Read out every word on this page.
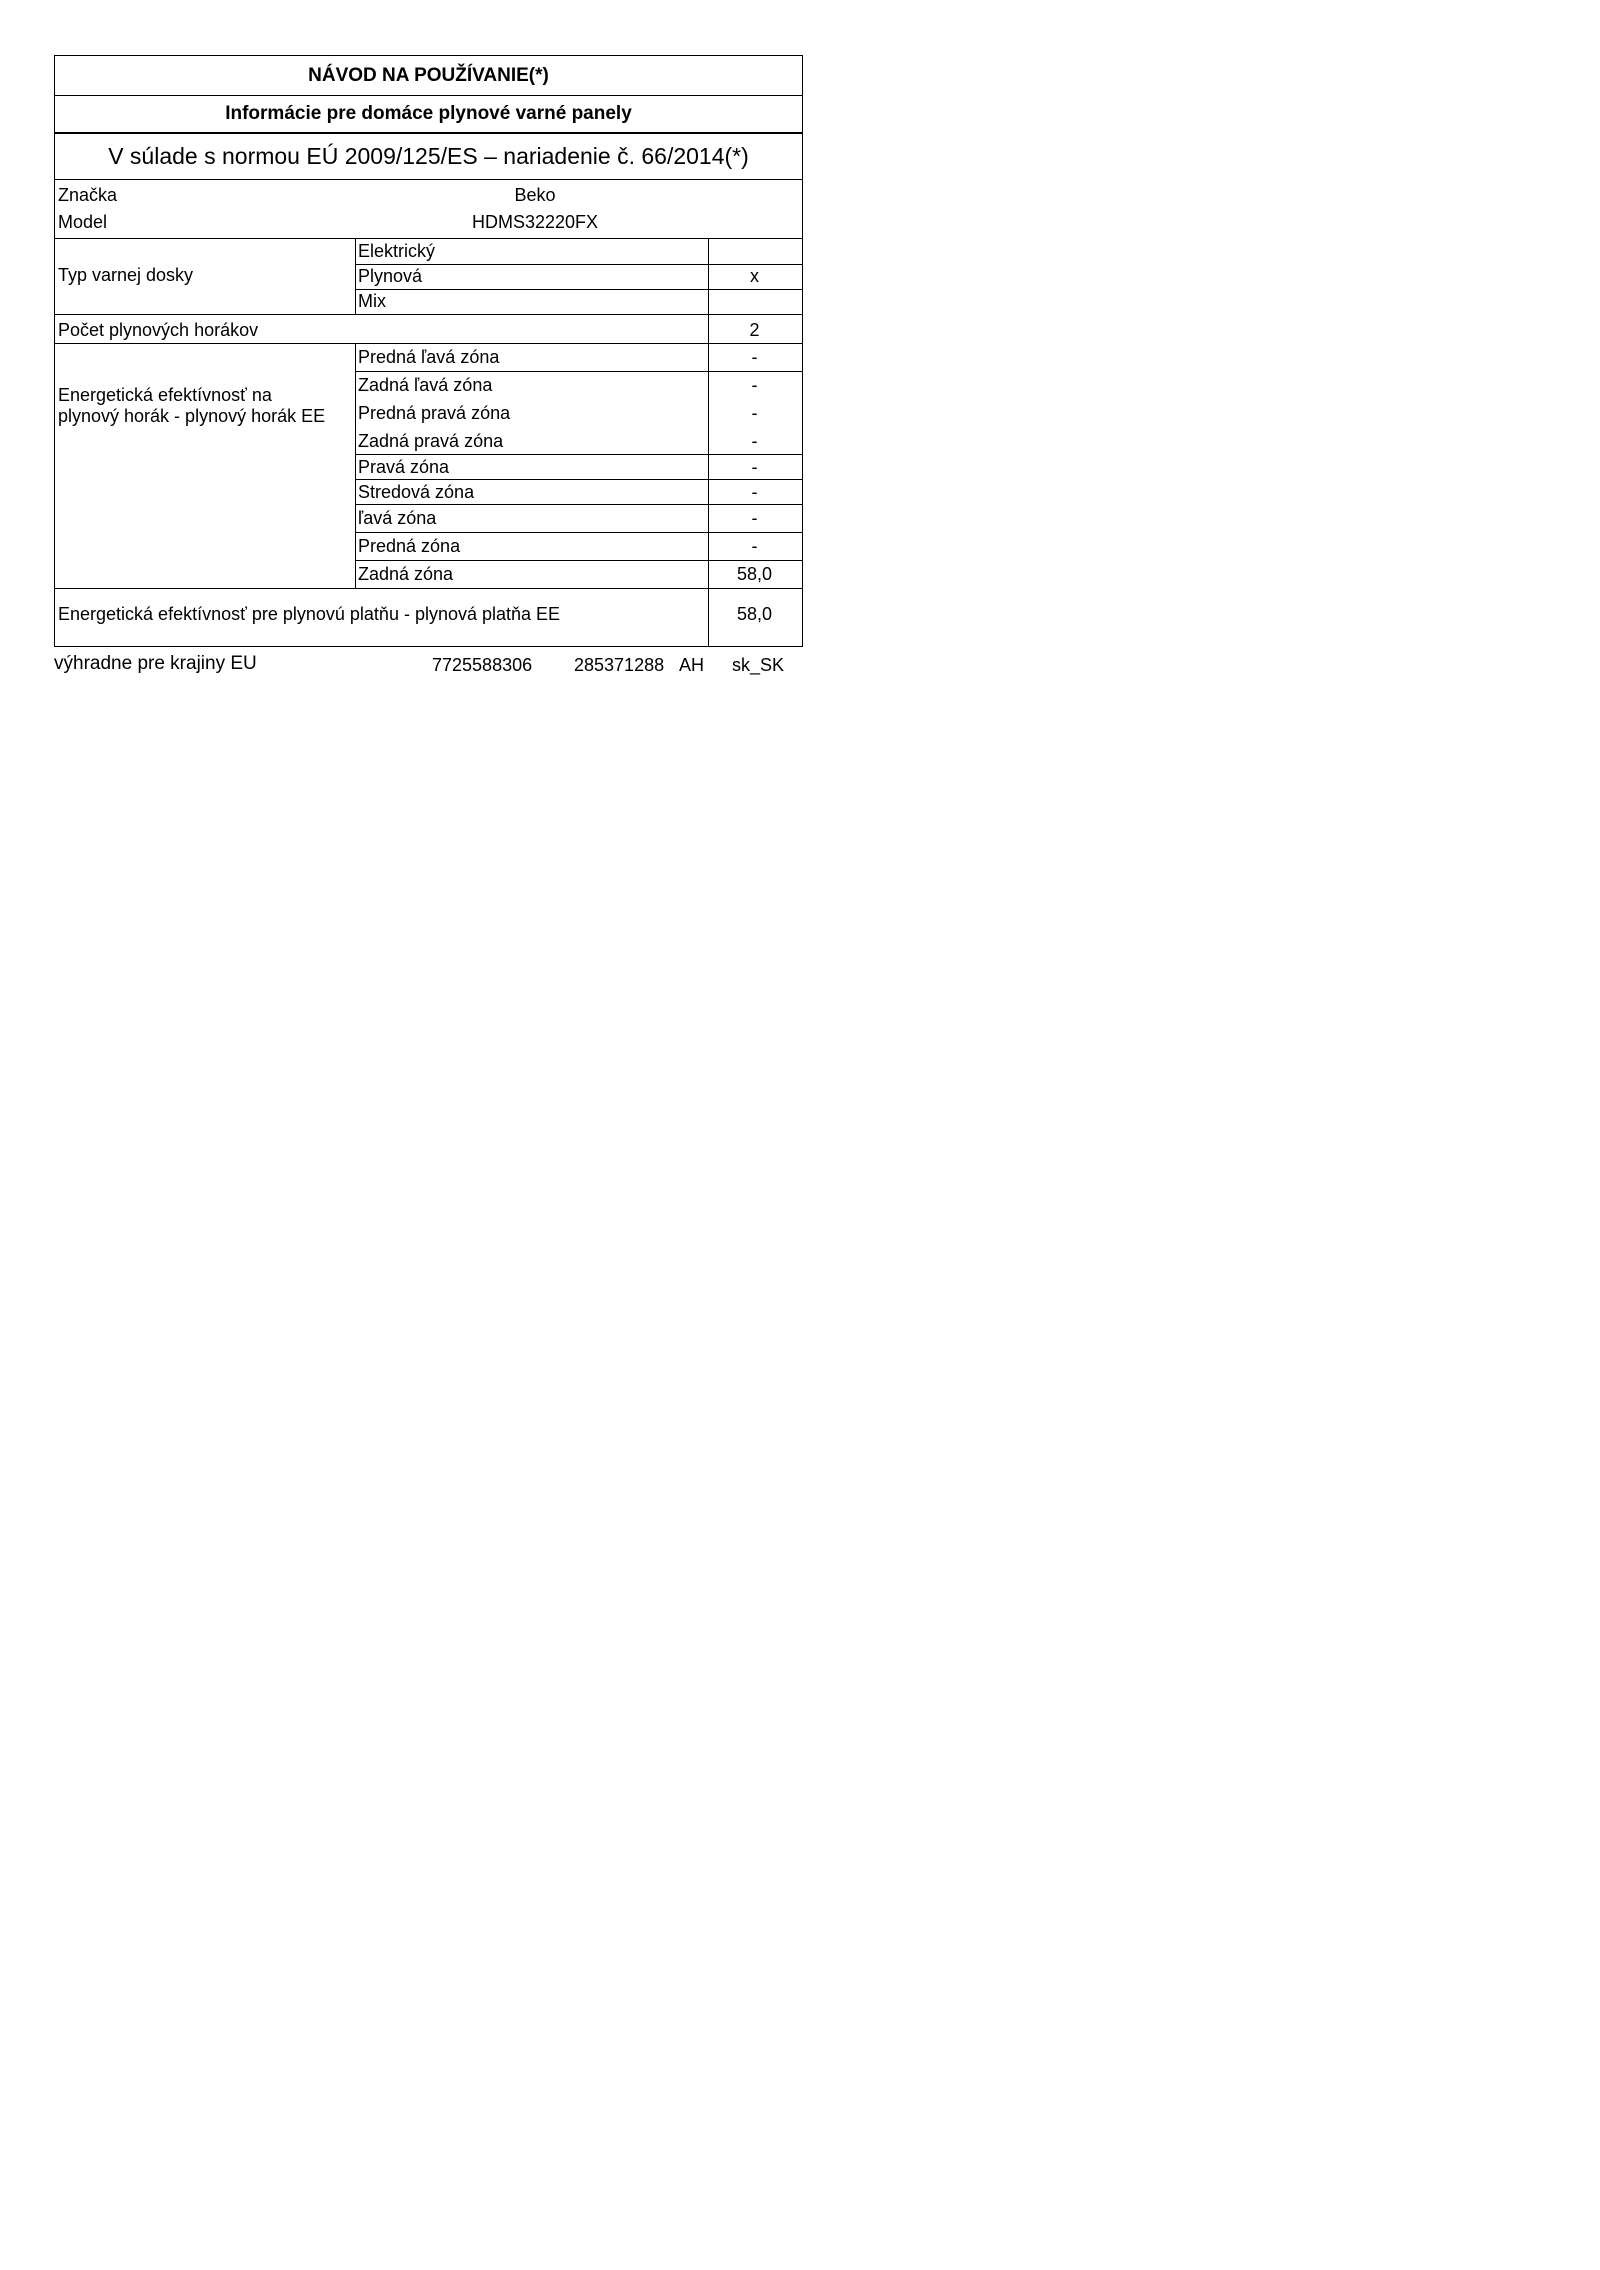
NÁVOD NA POUŽÍVANIE(*)
Informácie pre domáce plynové varné panely
V súlade s normou EÚ 2009/125/ES – nariadenie č. 66/2014(*)
Značka	Beko
Model	HDMS32220FX
Typ varnej dosky
Elektrický
Plynová	x
Mix
Počet plynových horákov	2
Energetická efektívnosť na
plynový horák - plynový horák EE
Predná ľavá zóna	-
Zadná ľavá zóna	-
Predná pravá zóna	-
Zadná pravá zóna	-
Pravá zóna	-
Stredová zóna	-
ľavá zóna	-
Predná zóna	-
Zadná zóna	58,0
Energetická efektívnosť pre plynovú platňu - plynová platňa EE	58,0
výhradne pre krajiny EU	7725588306 285371288 AH sk_SK
